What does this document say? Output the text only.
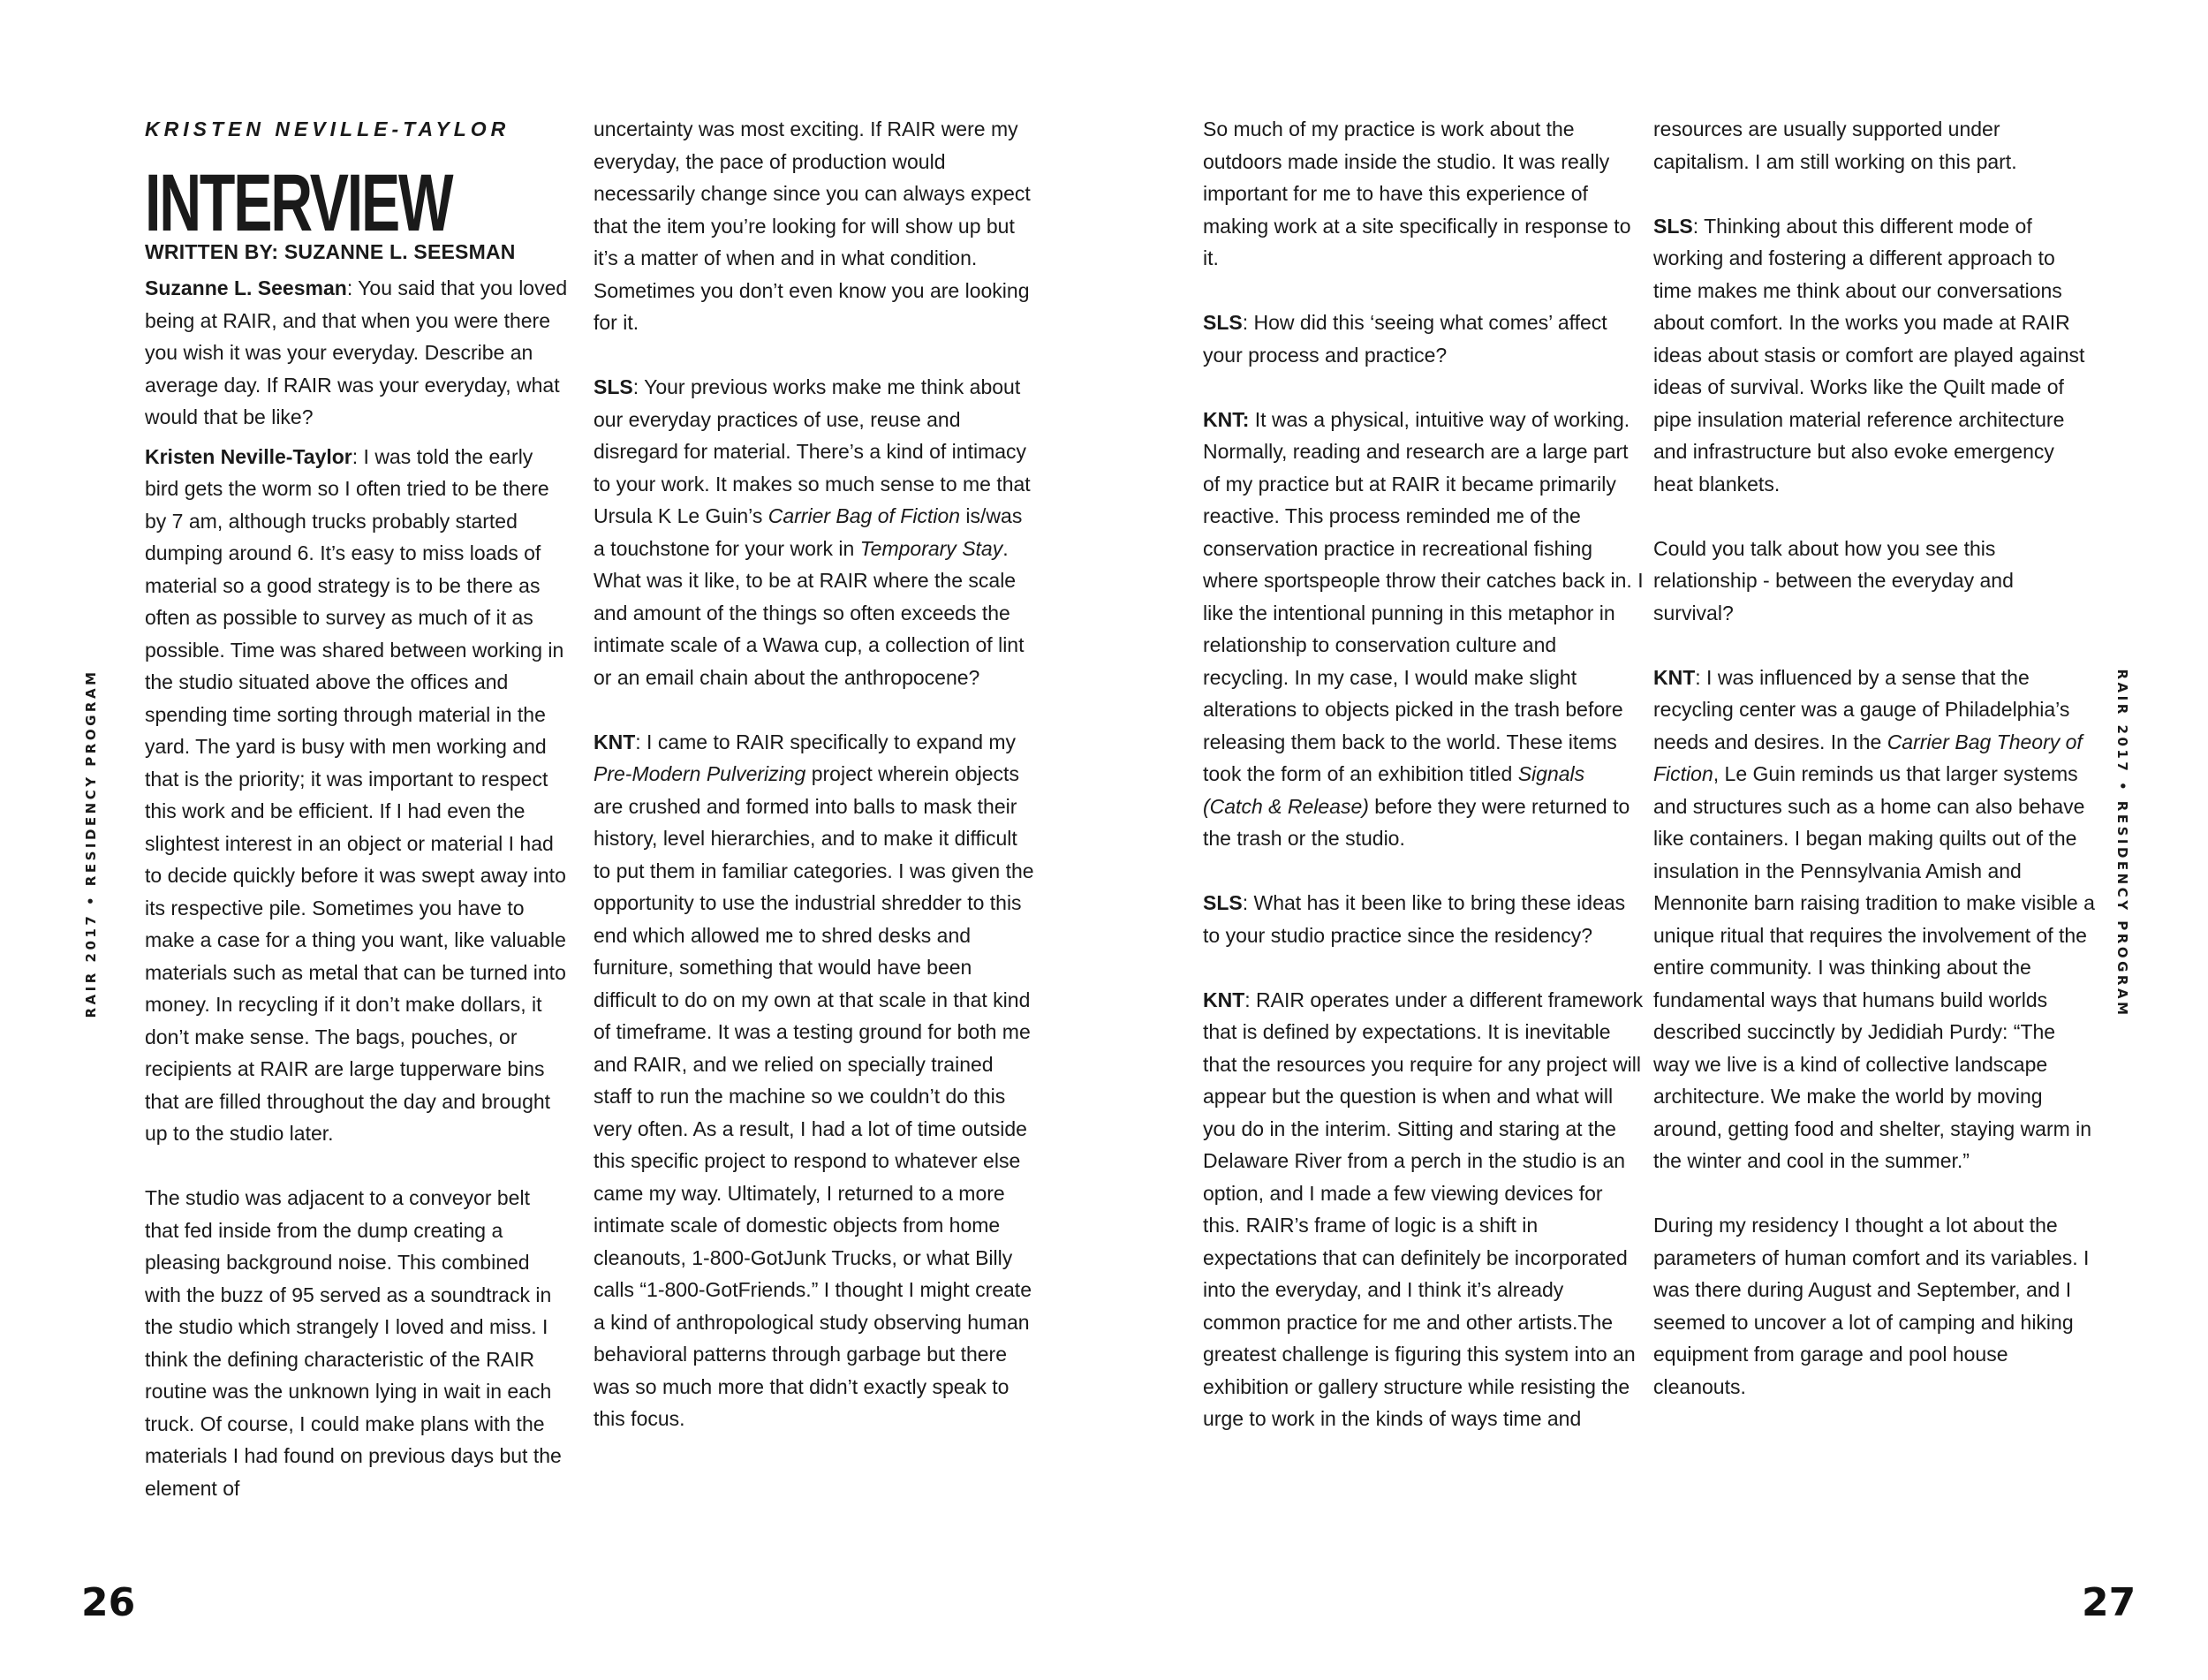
RAIR 2017 • RESIDENCY PROGRAM
KRISTEN NEVILLE-TAYLOR
INTERVIEW
WRITTEN BY: SUZANNE L. SEESMAN

Suzanne L. Seesman: You said that you loved being at RAIR, and that when you were there you wish it was your everyday. Describe an average day. If RAIR was your everyday, what would that be like?

Kristen Neville-Taylor: I was told the early bird gets the worm so I often tried to be there by 7 am, although trucks probably started dumping around 6. It’s easy to miss loads of material so a good strategy is to be there as often as possible to survey as much of it as possible. Time was shared between working in the studio situated above the offices and spending time sorting through material in the yard. The yard is busy with men working and that is the priority; it was important to respect this work and be efficient. If I had even the slightest interest in an object or material I had to decide quickly before it was swept away into its respective pile. Sometimes you have to make a case for a thing you want, like valuable materials such as metal that can be turned into money. In recycling if it don’t make dollars, it don’t make sense. The bags, pouches, or recipients at RAIR are large tupperware bins that are filled throughout the day and brought up to the studio later.

The studio was adjacent to a conveyor belt that fed inside from the dump creating a pleasing background noise. This combined with the buzz of 95 served as a soundtrack in the studio which strangely I loved and miss. I think the defining characteristic of the RAIR routine was the unknown lying in wait in each truck. Of course, I could make plans with the materials I had found on previous days but the element of

uncertainty was most exciting. If RAIR were my everyday, the pace of production would necessarily change since you can always expect that the item you’re looking for will show up but it’s a matter of when and in what condition. Sometimes you don’t even know you are looking for it.

SLS: Your previous works make me think about our everyday practices of use, reuse and disregard for material. There’s a kind of intimacy to your work. It makes so much sense to me that Ursula K Le Guin’s Carrier Bag of Fiction is/was a touchstone for your work in Temporary Stay. What was it like, to be at RAIR where the scale and amount of the things so often exceeds the intimate scale of a Wawa cup, a collection of lint or an email chain about the anthropocene?

KNT: I came to RAIR specifically to expand my Pre-Modern Pulverizing project wherein objects are crushed and formed into balls to mask their history, level hierarchies, and to make it difficult to put them in familiar categories. I was given the opportunity to use the industrial shredder to this end which allowed me to shred desks and furniture, something that would have been difficult to do on my own at that scale in that kind of timeframe. It was a testing ground for both me and RAIR, and we relied on specially trained staff to run the machine so we couldn’t do this very often. As a result, I had a lot of time outside this specific project to respond to whatever else came my way. Ultimately, I returned to a more intimate scale of domestic objects from home cleanouts, 1-800-GotJunk Trucks, or what Billy calls “1-800-GotFriends.” I thought I might create a kind of anthropological study observing human behavioral patterns through garbage but there was so much more that didn’t exactly speak to this focus.

26
RAIR 2017 • RESIDENCY PROGRAM
27

So much of my practice is work about the outdoors made inside the studio. It was really important for me to have this experience of making work at a site specifically in response to it.

SLS: How did this ‘seeing what comes’ affect your process and practice?

KNT: It was a physical, intuitive way of working. Normally, reading and research are a large part of my practice but at RAIR it became primarily reactive. This process reminded me of the conservation practice in recreational fishing where sportspeople throw their catches back in. I like the intentional punning in this metaphor in relationship to conservation culture and recycling. In my case, I would make slight alterations to objects picked in the trash before releasing them back to the world. These items took the form of an exhibition titled Signals (Catch & Release) before they were returned to the trash or the studio.

SLS: What has it been like to bring these ideas to your studio practice since the residency?

KNT: RAIR operates under a different framework that is defined by expectations. It is inevitable that the resources you require for any project will appear but the question is when and what will you do in the interim. Sitting and staring at the Delaware River from a perch in the studio is an option, and I made a few viewing devices for this. RAIR’s frame of logic is a shift in expectations that can definitely be incorporated into the everyday, and I think it’s already common practice for me and other artists.The greatest challenge is figuring this system into an exhibition or gallery structure while resisting the urge to work in the kinds of ways time and

resources are usually supported under capitalism. I am still working on this part.

SLS: Thinking about this different mode of working and fostering a different approach to time makes me think about our conversations about comfort. In the works you made at RAIR ideas about stasis or comfort are played against ideas of survival. Works like the Quilt made of pipe insulation material reference architecture and infrastructure but also evoke emergency heat blankets.

Could you talk about how you see this relationship - between the everyday and survival?

KNT: I was influenced by a sense that the recycling center was a gauge of Philadelphia’s needs and desires. In the Carrier Bag Theory of Fiction, Le Guin reminds us that larger systems and structures such as a home can also behave like containers. I began making quilts out of the insulation in the Pennsylvania Amish and Mennonite barn raising tradition to make visible a unique ritual that requires the involvement of the entire community. I was thinking about the fundamental ways that humans build worlds described succinctly by Jedidiah Purdy: “The way we live is a kind of collective landscape architecture. We make the world by moving around, getting food and shelter, staying warm in the winter and cool in the summer.”

During my residency I thought a lot about the parameters of human comfort and its variables. I was there during August and September, and I seemed to uncover a lot of camping and hiking equipment from garage and pool house cleanouts.
